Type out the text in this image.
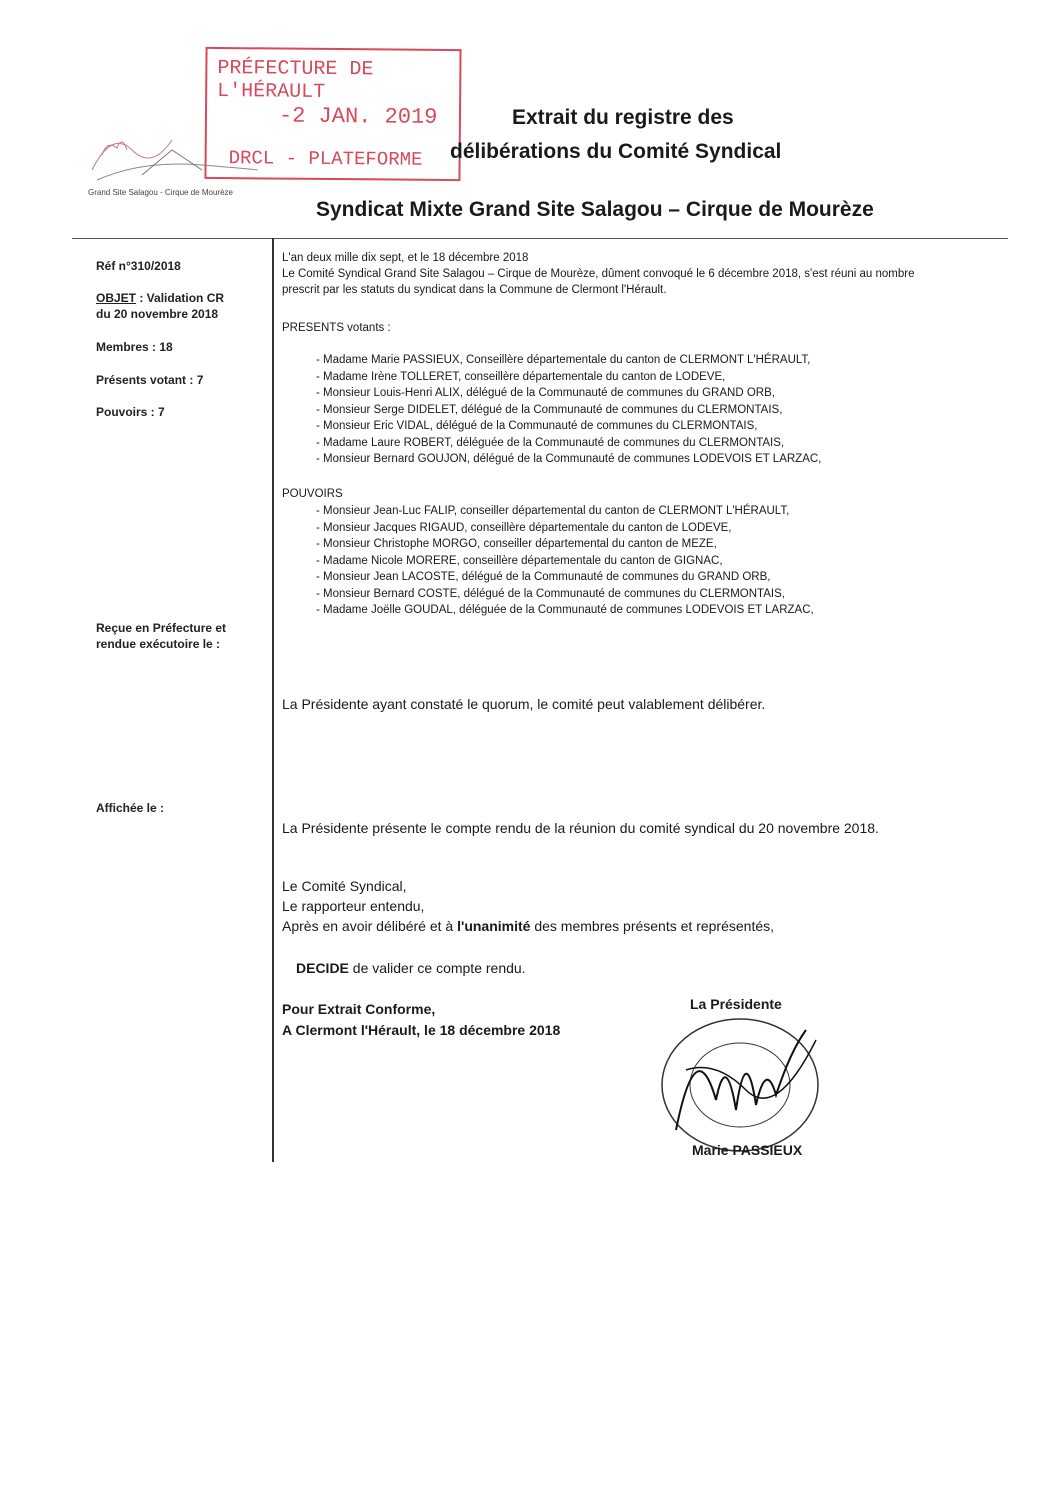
Grand Site Salagou - Cirque de Mourèze
PRÉFECTURE DE L'HÉRAULT
-2 JAN. 2019
DRCL - PLATEFORME
Extrait du registre des
délibérations du Comité Syndical
Syndicat Mixte Grand Site Salagou – Cirque de Mourèze
Réf n°310/2018
OBJET : Validation CR
du 20 novembre 2018
Membres : 18
Présents votant : 7
Pouvoirs : 7
Reçue en Préfecture et
rendue exécutoire le :
Affichée le :
L'an deux mille dix sept, et le 18 décembre 2018
Le Comité Syndical Grand Site Salagou – Cirque de Mourèze, dûment convoqué le 6 décembre 2018, s'est réuni au nombre
prescrit par les statuts du syndicat dans la Commune de Clermont l'Hérault.
PRESENTS votants :
- Madame Marie PASSIEUX, Conseillère départementale du canton de CLERMONT L'HÉRAULT,
- Madame Irène TOLLERET, conseillère départementale du canton de LODEVE,
- Monsieur Louis-Henri ALIX, délégué de la Communauté de communes du GRAND ORB,
- Monsieur Serge DIDELET, délégué de la Communauté de communes du CLERMONTAIS,
- Monsieur Eric VIDAL, délégué de la Communauté de communes du CLERMONTAIS,
- Madame Laure ROBERT, déléguée de la Communauté de communes du CLERMONTAIS,
- Monsieur Bernard GOUJON, délégué de la Communauté de communes LODEVOIS ET LARZAC,
POUVOIRS
- Monsieur Jean-Luc FALIP, conseiller départemental du canton de CLERMONT L'HÉRAULT,
- Monsieur Jacques RIGAUD, conseillère départementale du canton de LODEVE,
- Monsieur Christophe MORGO, conseiller départemental du canton de MEZE,
- Madame Nicole MORERE, conseillère départementale du canton de GIGNAC,
- Monsieur Jean LACOSTE, délégué de la Communauté de communes du GRAND ORB,
- Monsieur Bernard COSTE, délégué de la Communauté de communes du CLERMONTAIS,
- Madame Joëlle GOUDAL, déléguée de la Communauté de communes LODEVOIS ET LARZAC,
La Présidente ayant constaté le quorum, le comité peut valablement délibérer.
La Présidente présente le compte rendu de la réunion du comité syndical du 20 novembre 2018.
Le Comité Syndical,
Le rapporteur entendu,
Après en avoir délibéré et à l'unanimité des membres présents et représentés,
DECIDE de valider ce compte rendu.
Pour Extrait Conforme,
A Clermont l'Hérault, le 18 décembre 2018
La Présidente
Marie PASSIEUX
